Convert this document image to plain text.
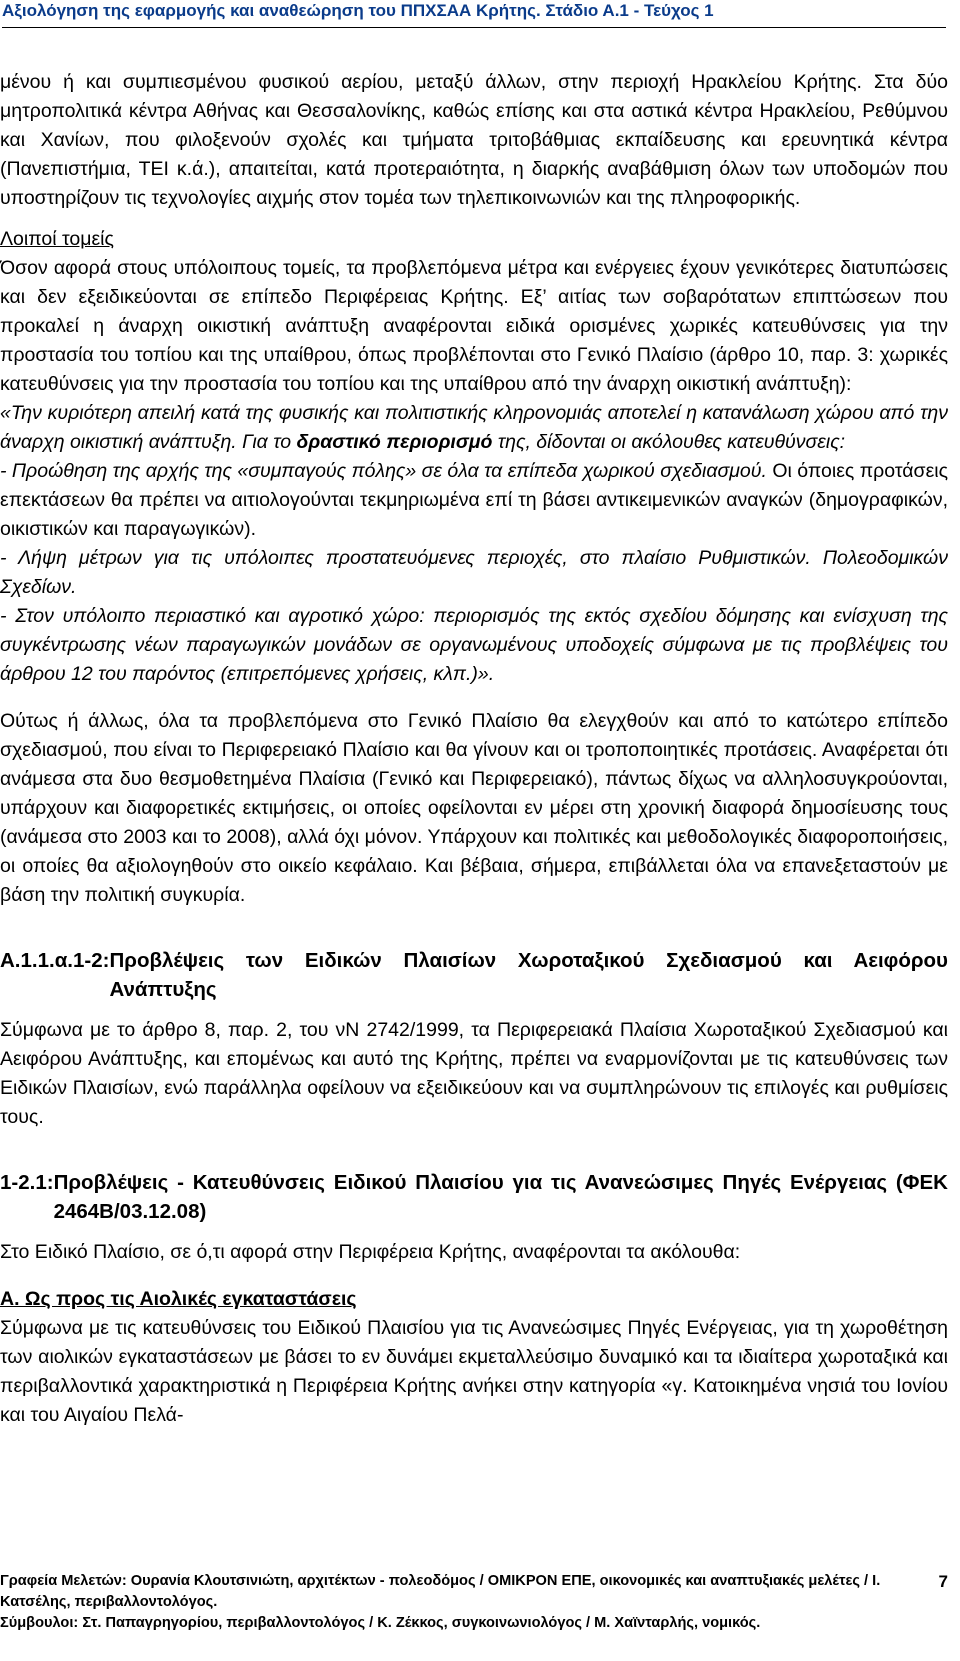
Αξιολόγηση της εφαρμογής και αναθεώρηση του ΠΠΧΣΑΑ Κρήτης. Στάδιο Α.1 - Τεύχος 1

μένου ή και συμπιεσμένου φυσικού αερίου, μεταξύ άλλων, στην περιοχή Ηρακλείου Κρήτης. Στα δύο μητροπολιτικά κέντρα Αθήνας και Θεσσαλονίκης, καθώς επίσης και στα αστικά κέντρα Ηρακλείου, Ρεθύμνου και Χανίων, που φιλοξενούν σχολές και τμήματα τριτοβάθμιας εκπαίδευσης και ερευνητικά κέντρα (Πανεπιστήμια, ΤΕΙ κ.ά.), απαιτείται, κατά προτεραιότητα, η διαρκής αναβάθμιση όλων των υποδομών που υποστηρίζουν τις τεχνολογίες αιχμής στον τομέα των τηλεπικοινωνιών και της πληροφορικής.

Λοιποί τομείς

Όσον αφορά στους υπόλοιπους τομείς, τα προβλεπόμενα μέτρα και ενέργειες έχουν γενικότερες διατυπώσεις και δεν εξειδικεύονται σε επίπεδο Περιφέρειας Κρήτης. Εξ’ αιτίας των σοβαρότατων επιπτώσεων που προκαλεί η άναρχη οικιστική ανάπτυξη αναφέρονται ειδικά ορισμένες χωρικές κατευθύνσεις για την προστασία του τοπίου και της υπαίθρου, όπως προβλέπονται στο Γενικό Πλαίσιο (άρθρο 10, παρ. 3: χωρικές κατευθύνσεις για την προστασία του τοπίου και της υπαίθρου από την άναρχη οικιστική ανάπτυξη):

«Την κυριότερη απειλή κατά της φυσικής και πολιτιστικής κληρονομιάς αποτελεί η κατανάλωση χώρου από την άναρχη οικιστική ανάπτυξη. Για το δραστικό περιορισμό της, δίδονται οι ακόλουθες κατευθύνσεις:

- Προώθηση της αρχής της «συμπαγούς πόλης» σε όλα τα επίπεδα χωρικού σχεδιασμού. Οι όποιες προτάσεις επεκτάσεων θα πρέπει να αιτιολογούνται τεκμηριωμένα επί τη βάσει αντικειμενικών αναγκών (δημογραφικών, οικιστικών και παραγωγικών).

- Λήψη μέτρων για τις υπόλοιπες προστατευόμενες περιοχές, στο πλαίσιο Ρυθμιστικών. Πολεοδομικών Σχεδίων.

- Στον υπόλοιπο περιαστικό και αγροτικό χώρο: περιορισμός της εκτός σχεδίου δόμησης και ενίσχυση της συγκέντρωσης νέων παραγωγικών μονάδων σε οργανωμένους υποδοχείς σύμφωνα με τις προβλέψεις του άρθρου 12 του παρόντος (επιτρεπόμενες χρήσεις, κλπ.)».

Ούτως ή άλλως, όλα τα προβλεπόμενα στο Γενικό Πλαίσιο θα ελεγχθούν και από το κατώτερο επίπεδο σχεδιασμού, που είναι το Περιφερειακό Πλαίσιο και θα γίνουν και οι τροποποιητικές προτάσεις. Αναφέρεται ότι ανάμεσα στα δυο θεσμοθετημένα Πλαίσια (Γενικό και Περιφερειακό), πάντως δίχως να αλληλοσυγκρούονται, υπάρχουν και διαφορετικές εκτιμήσεις, οι οποίες οφείλονται εν μέρει στη χρονική διαφορά δημοσίευσης τους (ανάμεσα στο 2003 και το 2008), αλλά όχι μόνον. Υπάρχουν και πολιτικές και μεθοδολογικές διαφοροποιήσεις, οι οποίες θα αξιολογηθούν στο οικείο κεφάλαιο. Και βέβαια, σήμερα, επιβάλλεται όλα να επανεξεταστούν με βάση την πολιτική συγκυρία.

Α.1.1.α.1-2: Προβλέψεις των Ειδικών Πλαισίων Χωροταξικού Σχεδιασμού και Αειφόρου Ανάπτυξης

Σύμφωνα με το άρθρο 8, παρ. 2, του νΝ 2742/1999, τα Περιφερειακά Πλαίσια Χωροταξικού Σχεδιασμού και Αειφόρου Ανάπτυξης, και επομένως και αυτό της Κρήτης, πρέπει να εναρμονίζονται με τις κατευθύνσεις των Ειδικών Πλαισίων, ενώ παράλληλα οφείλουν να εξειδικεύουν και να συμπληρώνουν τις επιλογές και ρυθμίσεις τους.

1-2.1: Προβλέψεις - Κατευθύνσεις Ειδικού Πλαισίου για τις Ανανεώσιμες Πηγές Ενέργειας (ΦΕΚ 2464Β/03.12.08)

Στο Ειδικό Πλαίσιο, σε ό,τι αφορά στην Περιφέρεια Κρήτης, αναφέρονται τα ακόλουθα:

Α. Ως προς τις Αιολικές εγκαταστάσεις

Σύμφωνα με τις κατευθύνσεις του Ειδικού Πλαισίου για τις Ανανεώσιμες Πηγές Ενέργειας, για τη χωροθέτηση των αιολικών εγκαταστάσεων με βάσει το εν δυνάμει εκμεταλλεύσιμο δυναμικό και τα ιδιαίτερα χωροταξικά και περιβαλλοντικά χαρακτηριστικά η Περιφέρεια Κρήτης ανήκει στην κατηγορία «γ. Κατοικημένα νησιά του Ιονίου και του Αιγαίου Πελά-

Γραφεία Μελετών: Ουρανία Κλουτσινιώτη, αρχιτέκτων - πολεοδόμος / ΟΜΙΚΡΟΝ ΕΠΕ, οικονομικές και αναπτυξιακές μελέτες / Ι. Κατσέλης, περιβαλλοντολόγος.
7
Σύμβουλοι: Στ. Παπαγρηγορίου, περιβαλλοντολόγος / Κ. Ζέκκος, συγκοινωνιολόγος / Μ. Χαϊνταρλής, νομικός.
